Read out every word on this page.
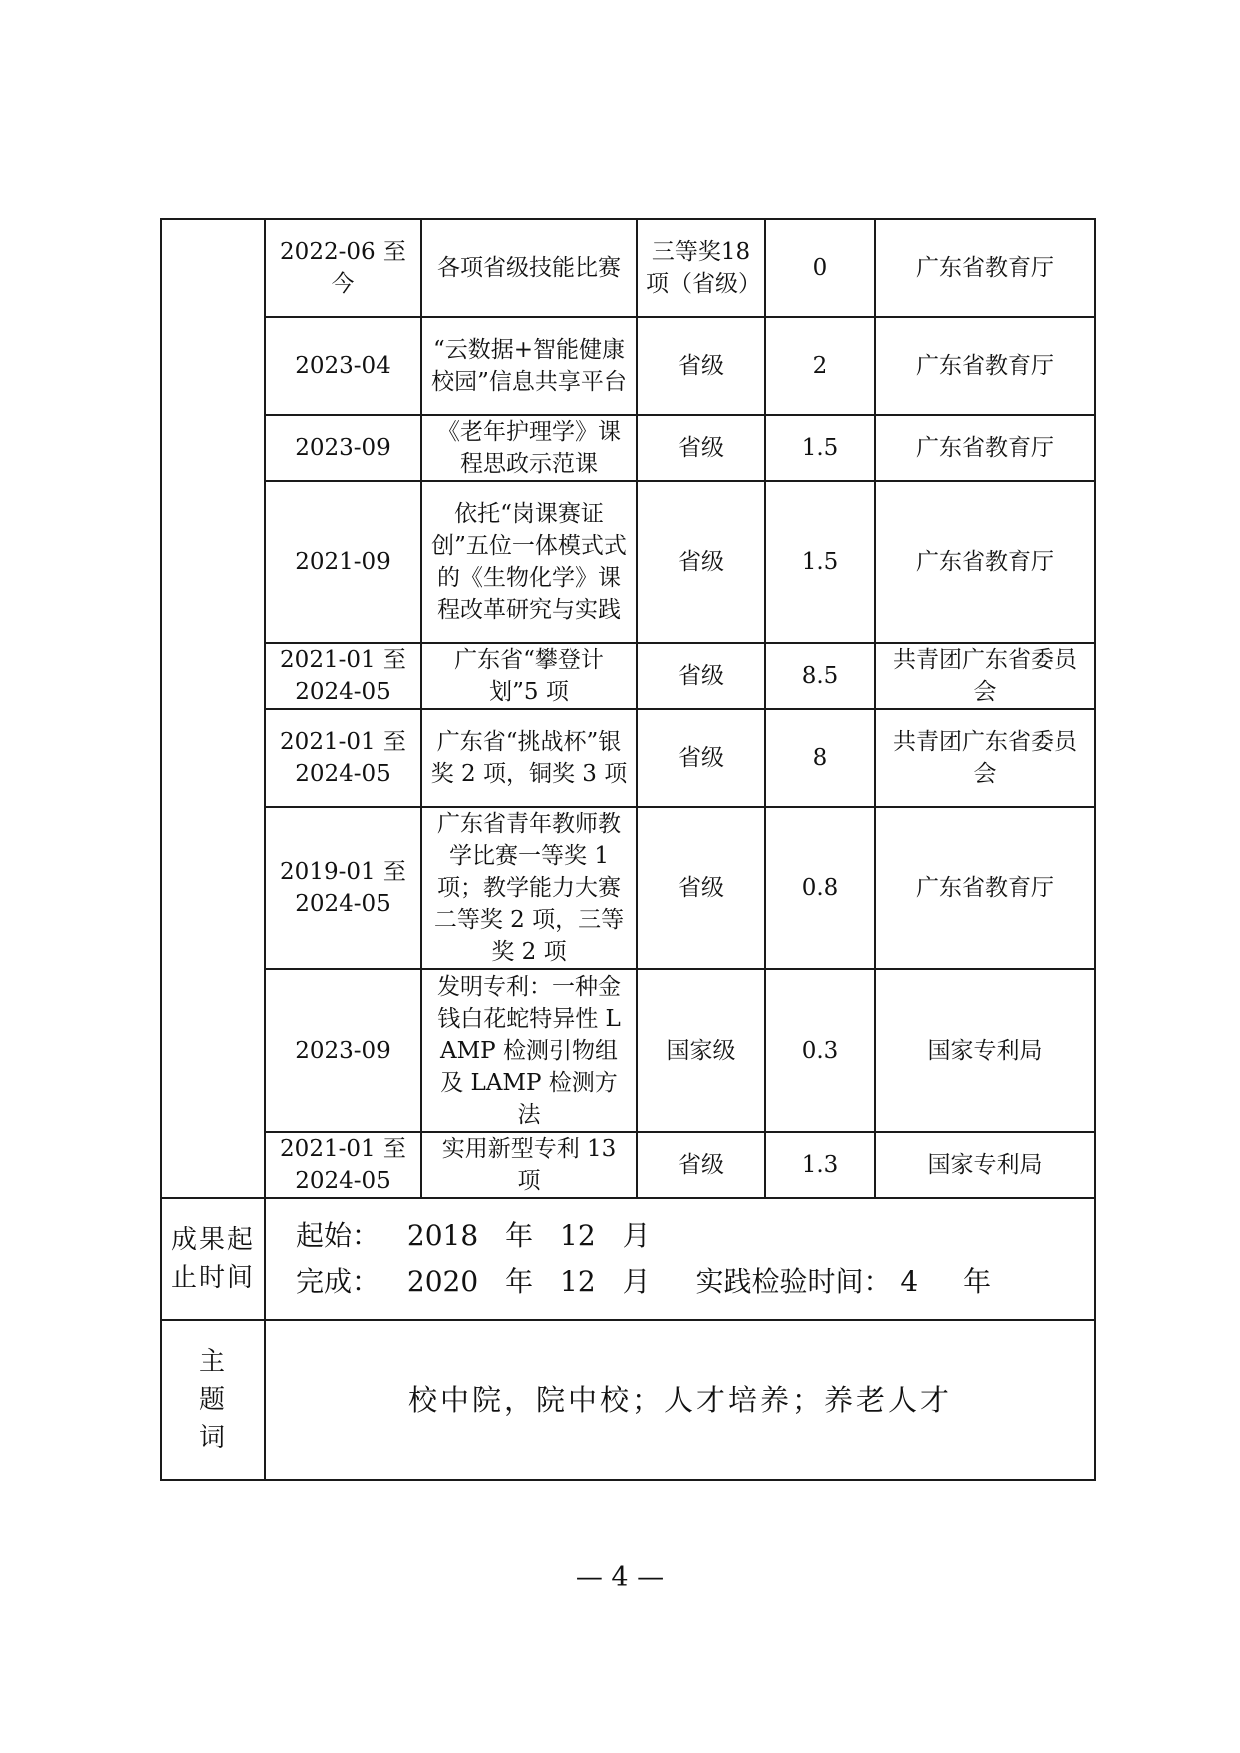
	2022-06 至今	各项省级技能比赛	三等奖18项（省级）	0	广东省教育厅
	2023-04	“云数据+智能健康校园”信息共享平台	省级	2	广东省教育厅
	2023-09	《老年护理学》课程思政示范课	省级	1.5	广东省教育厅
	2021-09	依托“岗课赛证创”五位一体模式式的《生物化学》课程改革研究与实践	省级	1.5	广东省教育厅
	2021-01 至 2024-05	广东省“攀登计划”5 项	省级	8.5	共青团广东省委员会
	2021-01 至 2024-05	广东省“挑战杯”银奖 2 项，铜奖 3 项	省级	8	共青团广东省委员会
	2019-01 至 2024-05	广东省青年教师教学比赛一等奖 1 项；教学能力大赛二等奖 2 项，三等奖 2 项	省级	0.8	广东省教育厅
	2023-09	发明专利：一种金钱白花蛇特异性 LAMP 检测引物组及 LAMP 检测方法	国家级	0.3	国家专利局
	2021-01 至 2024-05	实用新型专利 13 项	省级	1.3	国家专利局
成果起止时间	起始： 2018 年 12 月
完成： 2020 年 12 月 实践检验时间： 4 年				

主题词	校中院，院中校；人才培养；养老人才				
— 4 —
